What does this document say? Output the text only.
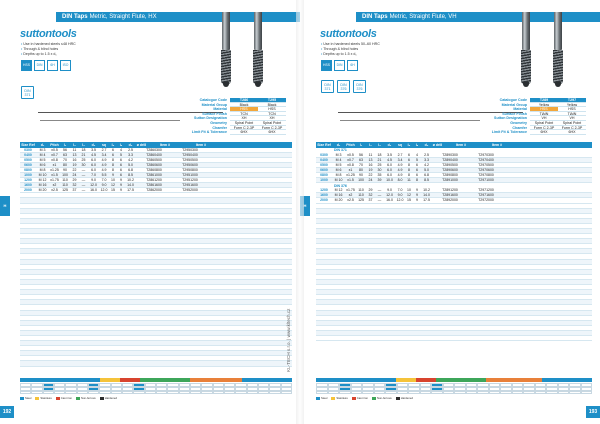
DIN Taps Metric, Straight Flute, HX
suttontools
• Use in hardened steels ≤48 HRC
• Through & blind holes
• Depths up to 1.5 x d₁
HSS	DIN	6H	ISO
DIN 371
Catalogue Code	T286	T295
Material Group	Black	Black
Material	HSS	HSS
Surface Finish	TCN	TCN
Sutton Designation	XH	XH
Geometry	Spiral Point	Spiral Point
Chamfer	Form C 2-3P	Form C 2-3P
Limit Fit & Tolerance	6HX	6HX
Size Ref	d₁	Pitch	l₁	l₂	l₃	d₂	sq	l₄	l₅	d₃	ø drill	Item #	Item #
0300	M 3	x0.5	56	11	18	3.5	2.7	6	4	2.5	T2860300	T2950300
0400	M 4	x0.7	63	13	21	4.5	3.4	6	5	3.3	T2860400	T2950400
0500	M 5	x0.8	70	16	25	6.0	4.9	8	6	4.2	T2860500	T2950500
0600	M 6	x1	80	19	30	6.0	4.9	8	6	5.0	T2860600	T2950600
0800	M 8	x1.25	90	22	—	6.0	4.9	8	6	6.8	T2860800	T2950800
1000	M 10	x1.5	100	24	—	7.0	5.5	9	6	8.5	T2861000	T2951000
1200	M 12	x1.75 110	29	—	9.0	7.0	10	9	10.2	T2861200	T2951200
1600	M 16	x2	110	32	—	12.0	9.0	12	9	14.0	T2861600	T2951600
2000	M 20	x2.5	125	37	—	16.0	12.0	15	9	17.5	T2862000	T2952000
H
Steel	Stainless	Cast iron	Non-ferrous	Hardened
192
KL-TECH s.r.o. | www.kltech.cz
DIN Taps Metric, Straight Flute, VH
suttontools
• Use in hardened steels 50–60 HRC
• Through & blind holes
• Depths up to 1.5 x d₁
HSS	DIN	6H
DIN 371
DIN 376
DIN 376
Catalogue Code	T289	T297
Material Group	Yellow	Yellow
Material	HSS	HSS
Surface Finish	TiAlN	TiAlN
Sutton Designation	VH	VH
Geometry	Spiral Point	Spiral Point
Chamfer	Form C 2-3P	Form C 2-3P
Limit Fit & Tolerance	6HX	6HX
Size Ref	d₁	Pitch	l₁	l₂	l₃	d₂	sq	l₄	l₅	d₃	ø drill	Item #	Item #
DIN 371
0300	M 3	x0.5	56	11	18	3.5	2.7	6	4	2.5	T2890300	T2970300
0400	M 4	x0.7	63	13	21	4.5	3.4	6	5	3.3	T2890400	T2970400
0500	M 5	x0.8	70	16	25	6.0	4.9	8	6	4.2	T2890500	T2970500
0600	M 6	x1	80	19	30	6.0	4.9	8	6	5.0	T2890600	T2970600
0800	M 8	x1.25	90	22	35	6.0	4.9	8	6	6.8	T2890800	T2970800
1000	M 10	x1.5	100	24	39	10.0	8.0	11	8	8.5	T2891000	T2971000
DIN 376
1200	M 12	x1.75 110	29	—	9.0	7.0	10	9	10.2	T2891200	T2971200
1600	M 16	x2	110	32	—	12.0	9.0	12	9	14.0	T2891600	T2971600
2000	M 20	x2.5	125	37	—	16.0	12.0	15	9	17.5	T2892000	T2972000
H
Steel	Stainless	Cast iron	Non-ferrous	Hardened
193
